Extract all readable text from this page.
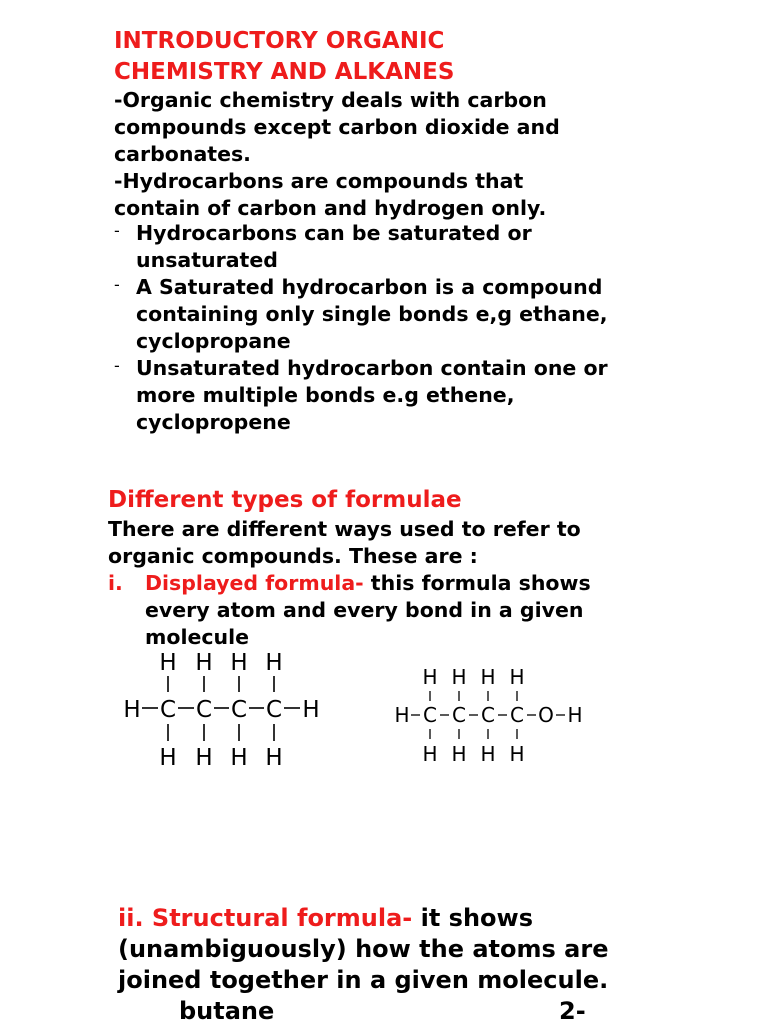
INTRODUCTORY ORGANIC
CHEMISTRY AND ALKANES
-Organic chemistry deals with carbon
compounds except carbon dioxide and
carbonates.
-Hydrocarbons are compounds that
contain of carbon and hydrogen only.
- Hydrocarbons can be saturated or
unsaturated
- A Saturated hydrocarbon is a compound
containing only single bonds e,g ethane,
cyclopropane
- Unsaturated hydrocarbon contain one or
more multiple bonds e.g ethene,
cyclopropene
Different types of formulae
There are different ways used to refer to
organic compounds. These are :
i.	Displayed formula- this formula shows
every atom and every bond in a given
molecule
H H H H
H C C C C H
H H H H
H H H H
H C C C C O H
H H H H
ii. Structural formula- it shows
(unambiguously) how the atoms are
joined together in a given molecule.
butane	2-
